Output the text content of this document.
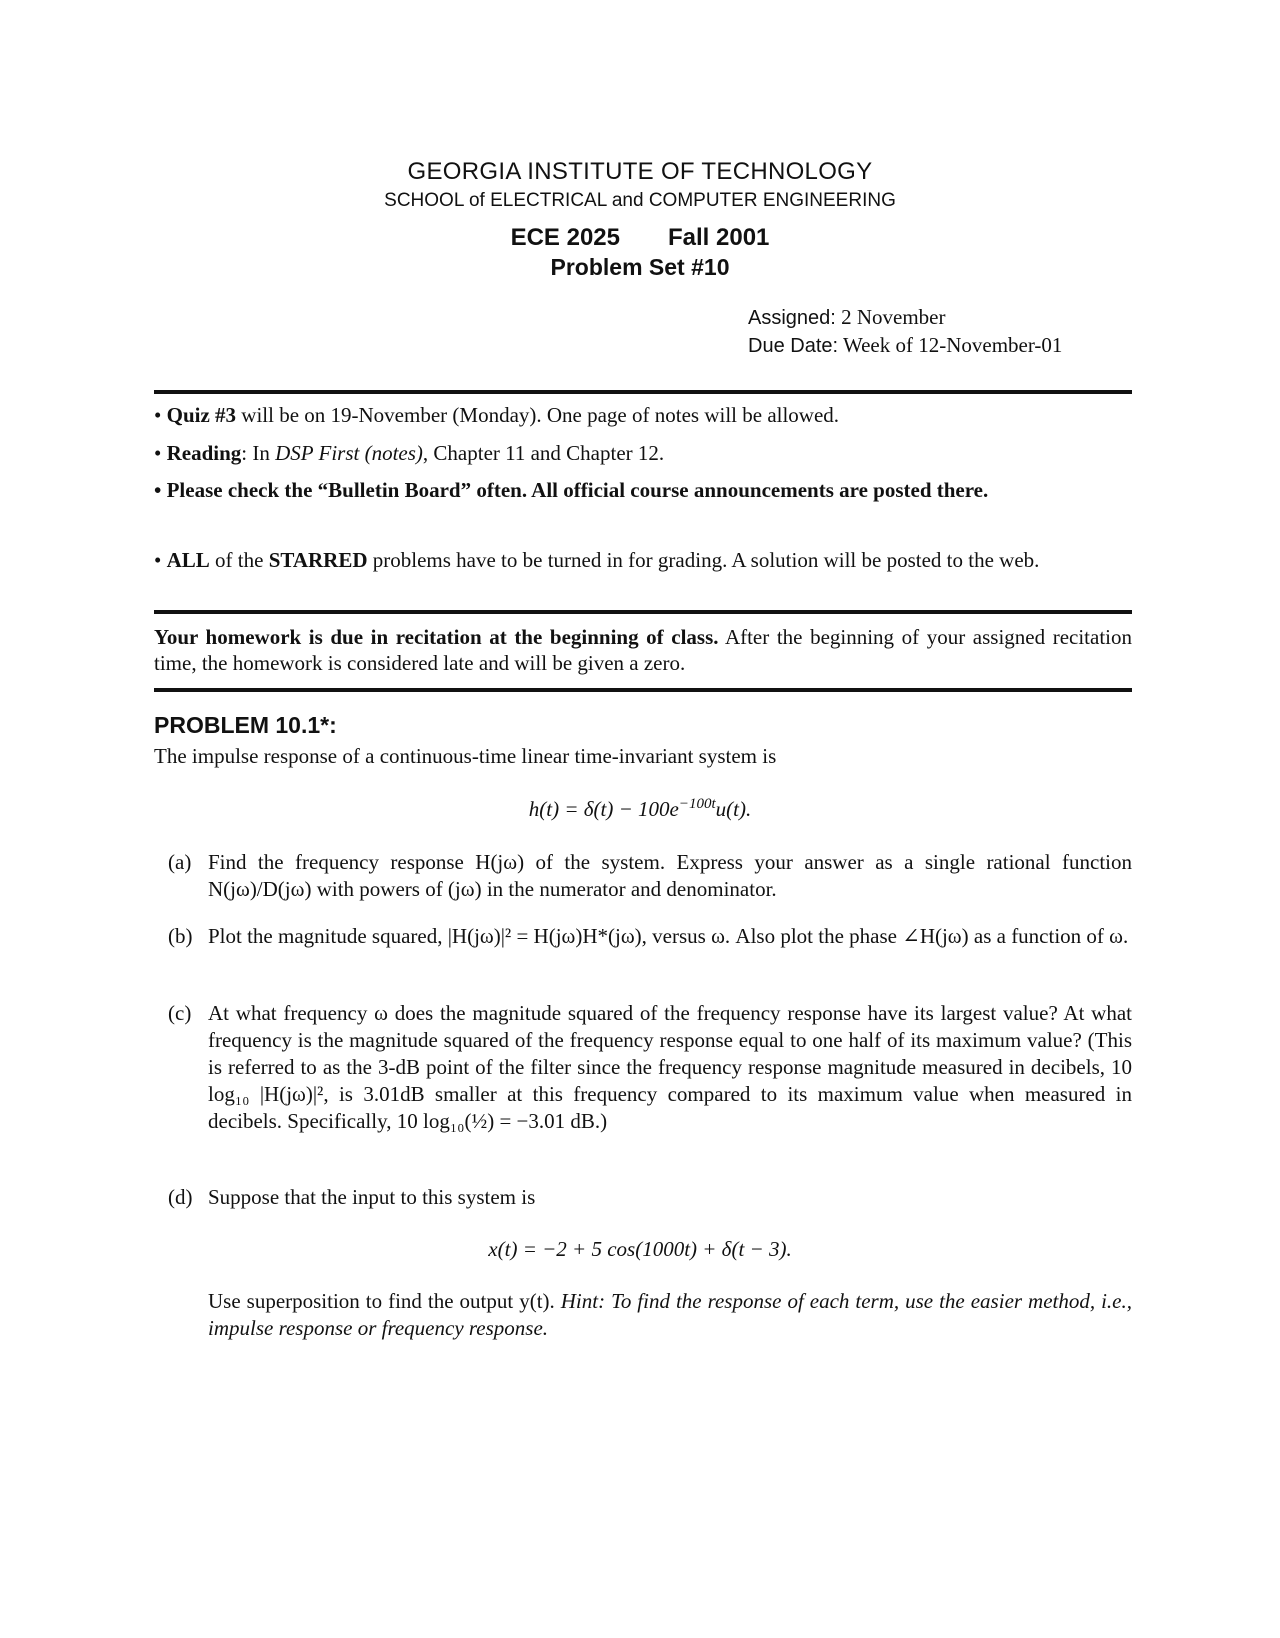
GEORGIA INSTITUTE OF TECHNOLOGY
SCHOOL of ELECTRICAL and COMPUTER ENGINEERING
ECE 2025 Fall 2001
Problem Set #10
Assigned: 2 November
Due Date: Week of 12-November-01
• Quiz #3 will be on 19-November (Monday). One page of notes will be allowed.
• Reading: In DSP First (notes), Chapter 11 and Chapter 12.
• Please check the “Bulletin Board” often. All official course announcements are posted there.
• ALL of the STARRED problems have to be turned in for grading. A solution will be posted to the web.
Your homework is due in recitation at the beginning of class. After the beginning of your assigned recitation time, the homework is considered late and will be given a zero.
PROBLEM 10.1*:
The impulse response of a continuous-time linear time-invariant system is
$h(t) = \delta(t) - 100e^{-100t}u(t)$.
(a) Find the frequency response H(jω) of the system. Express your answer as a single rational function N(jω)/D(jω) with powers of (jω) in the numerator and denominator.
(b) Plot the magnitude squared, |H(jω)|² = H(jω)H*(jω), versus ω. Also plot the phase ∠H(jω) as a function of ω.
(c) At what frequency ω does the magnitude squared of the frequency response have its largest value? At what frequency is the magnitude squared of the frequency response equal to one half of its maximum value? (This is referred to as the 3-dB point of the filter since the frequency response magnitude measured in decibels, 10 log₁₀ |H(jω)|², is 3.01dB smaller at this frequency compared to its maximum value when measured in decibels. Specifically, 10 log₁₀(½) = −3.01 dB.)
(d) Suppose that the input to this system is
x(t) = −2 + 5 cos(1000t) + δ(t − 3).
Use superposition to find the output y(t). Hint: To find the response of each term, use the easier method, i.e., impulse response or frequency response.
